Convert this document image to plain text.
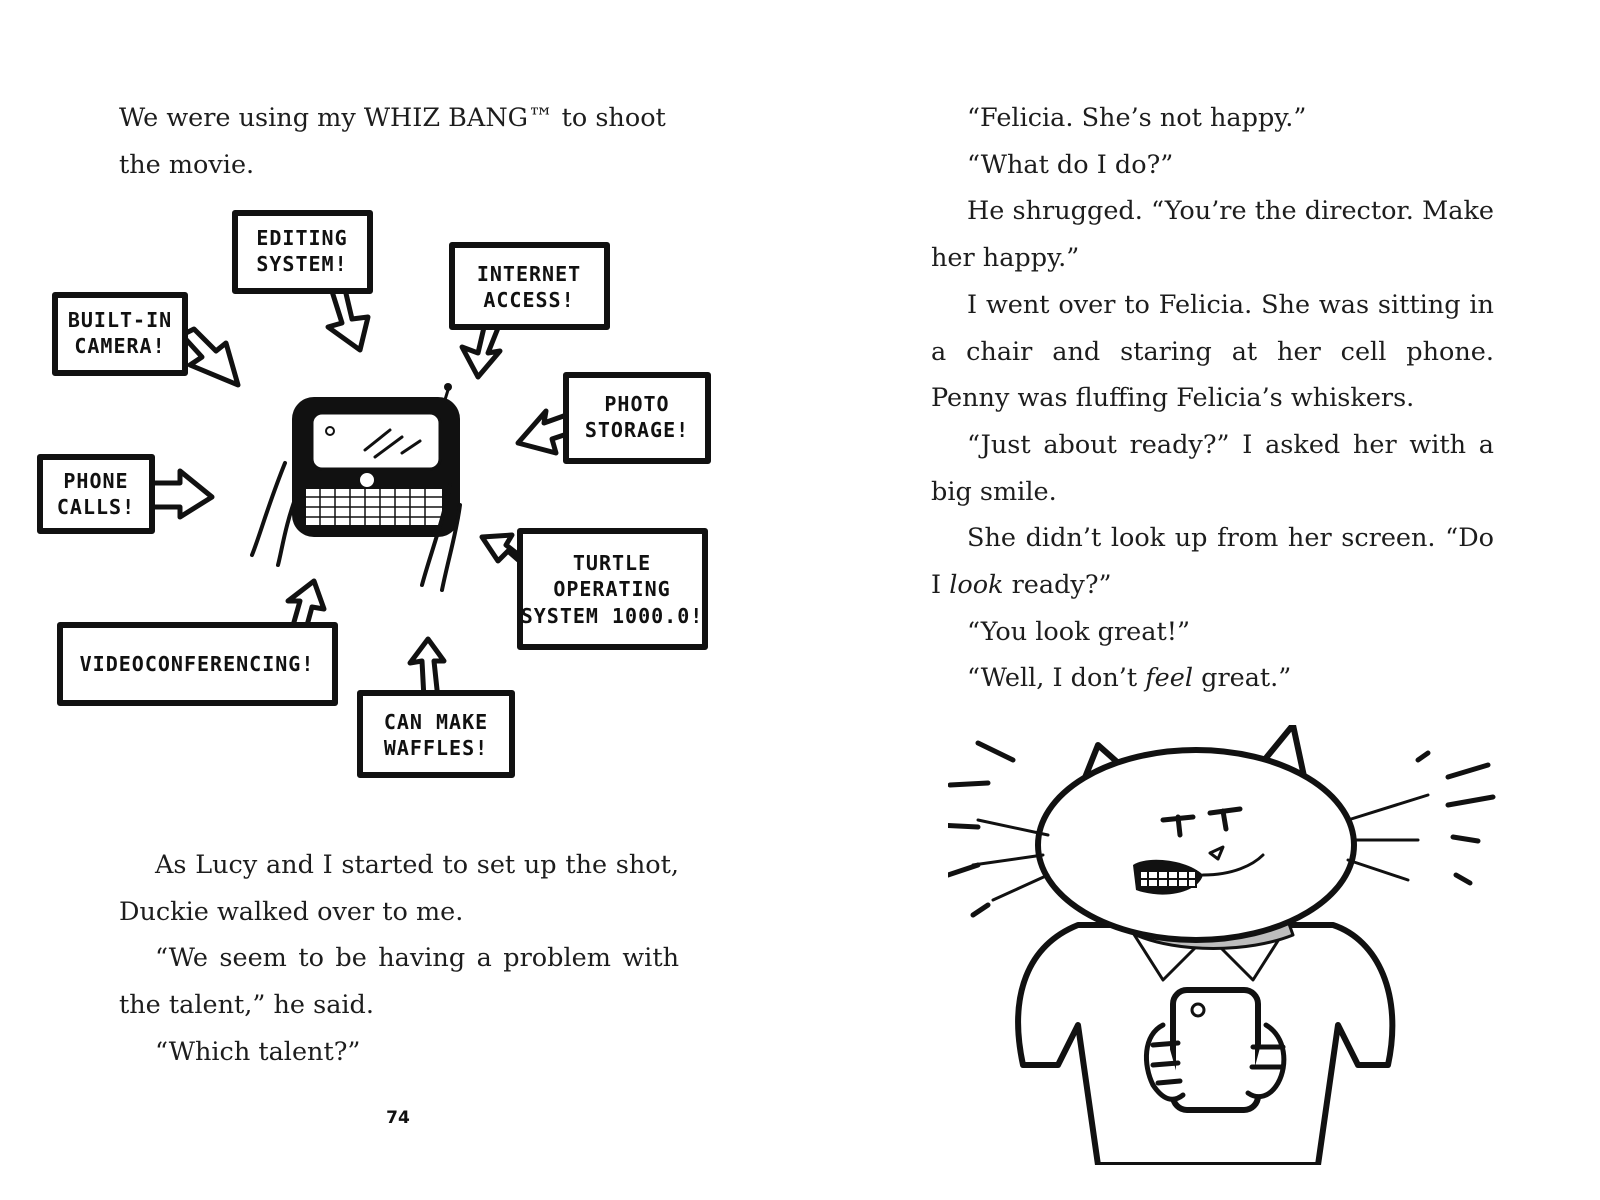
We were using my WHIZ BANG™ to shoot the movie.

EDITING
SYSTEM!	INTERNET
ACCESS!
BUILT-IN
CAMERA!
PHOTO
STORAGE!
PHONE
CALLS!
TURTLE
OPERATING
SYSTEM 1000.0!
VIDEOCONFERENCING!
CAN MAKE
WAFFLES!

As Lucy and I started to set up the shot, Duckie walked over to me.

“We seem to be having a problem with the talent,” he said.

“Which talent?”

74

“Felicia. She’s not happy.”

“What do I do?”

He shrugged. “You’re the director. Make her happy.”

I went over to Felicia. She was sitting in a chair and staring at her cell phone. Penny was fluffing Felicia’s whiskers.

“Just about ready?” I asked her with a big smile.

She didn’t look up from her screen. “Do I look ready?”

“You look great!”

“Well, I don’t feel great.”
